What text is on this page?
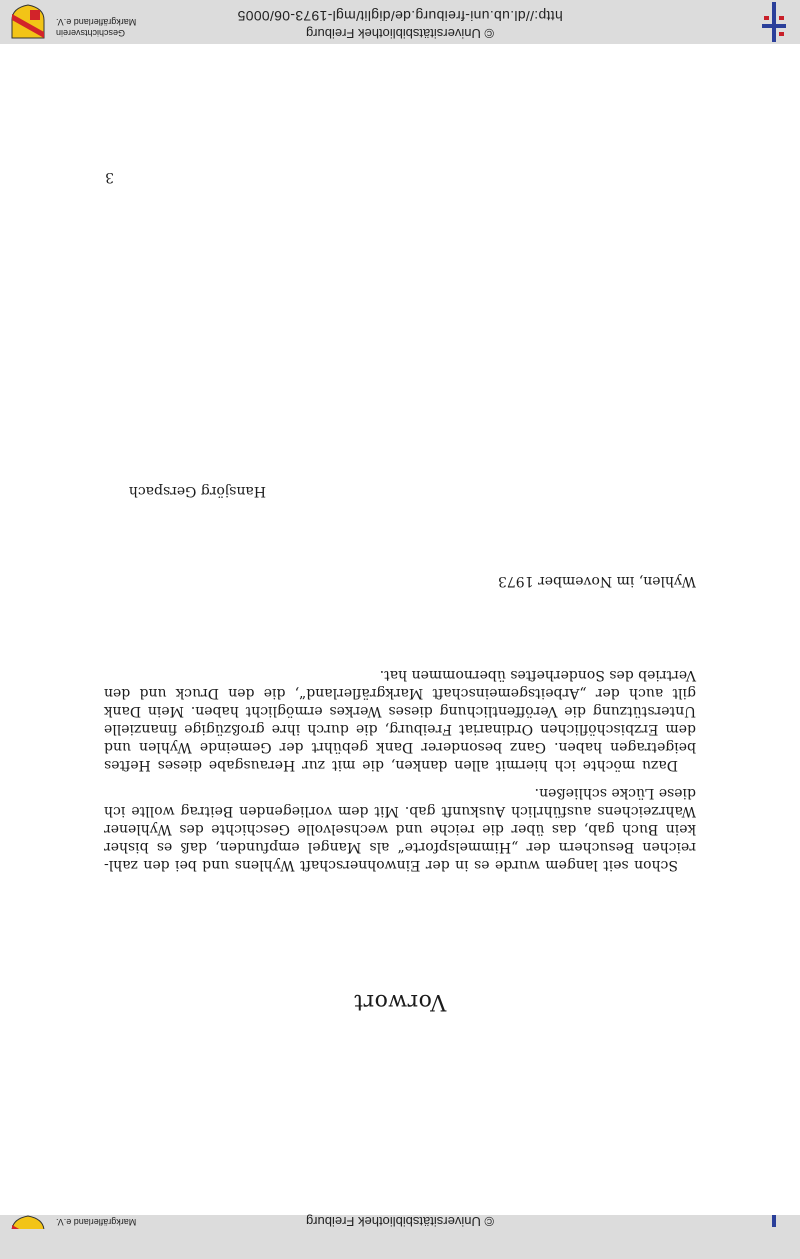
© Universitätsbibliothek Freiburg
Markgräflerland e.V.
Vorwort
Schon seit langem wurde es in der Einwohnerschaft Wyhlens und bei den zahlreichen Besuchern der „Himmelspforte“ als Mangel empfunden, daß es bisher kein Buch gab, das über die reiche und wechselvolle Geschichte des Wyhlener Wahrzeichens ausführlich Auskunft gab. Mit dem vorliegenden Beitrag wollte ich diese Lücke schließen.
Dazu möchte ich hiermit allen danken, die mit zur Herausgabe dieses Heftes beigetragen haben. Ganz besonderer Dank gebührt der Gemeinde Wyhlen und dem Erzbischöflichen Ordinariat Freiburg, die durch ihre großzügige finanzielle Unterstützung die Veröffentlichung dieses Werkes ermöglicht haben. Mein Dank gilt auch der „Arbeitsgemeinschaft Markgräflerland“, die den Druck und den Vertrieb des Sonderheftes übernommen hat.
Wyhlen, im November 1973
Hansjörg Gerspach
3
© Universitätsbibliothek Freiburg
http://dl.ub.uni-freiburg.de/diglit/mgl-1973-06/0005
Geschichtsverein
Markgräflerland e.V.
